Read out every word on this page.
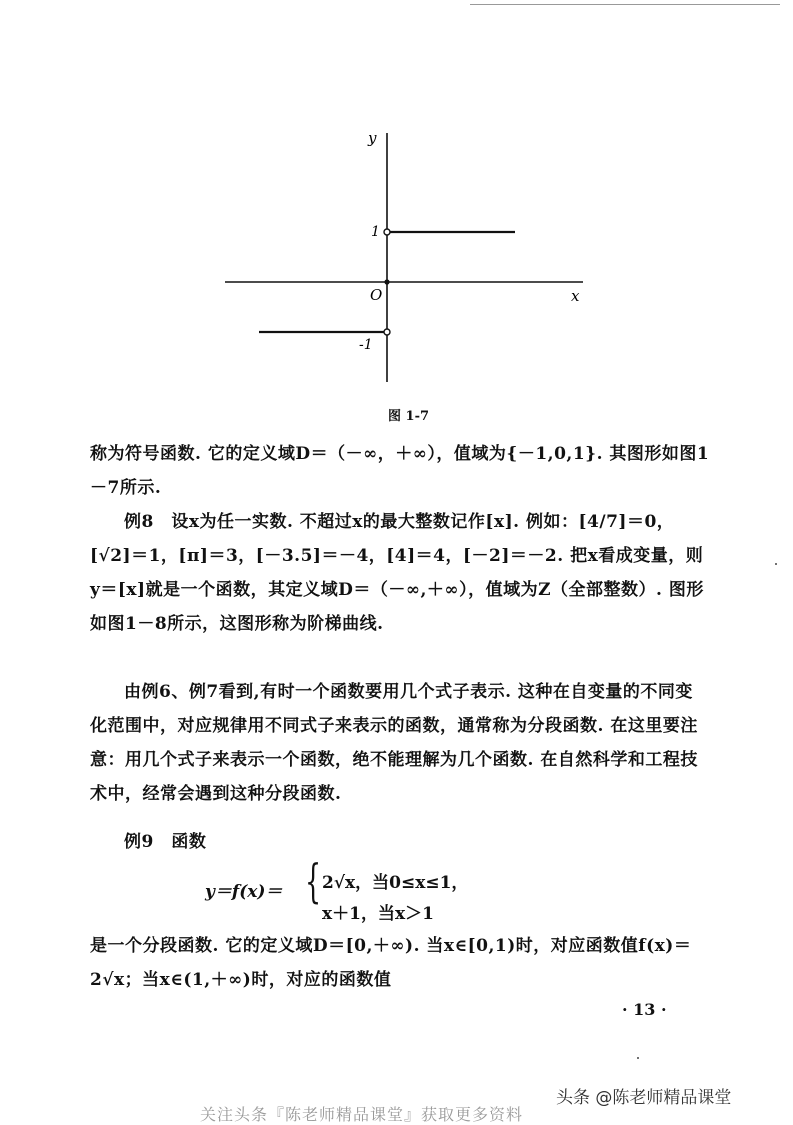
y
x
O
1
-1
图 1-7
称为符号函数. 它的定义域D＝（－∞，＋∞），值域为{－1,0,1}. 其图形如图1－7所示.
例8　设x为任一实数. 不超过x的最大整数记作[x]. 例如：[4/7]＝0，[√2]＝1，[π]＝3，[－3.5]＝－4，[4]＝4，[－2]＝－2. 把x看成变量，则y＝[x]就是一个函数，其定义域D＝（－∞,＋∞），值域为Z（全部整数）. 图形如图1－8所示，这图形称为阶梯曲线.
由例6、例7看到,有时一个函数要用几个式子表示. 这种在自变量的不同变化范围中，对应规律用不同式子来表示的函数，通常称为分段函数. 在这里要注意：用几个式子来表示一个函数，绝不能理解为几个函数. 在自然科学和工程技术中，经常会遇到这种分段函数.
例9　函数
y＝f(x)＝ { 2√x，当0≤x≤1，
x＋1，当x＞1
是一个分段函数. 它的定义域D＝[0,＋∞). 当x∈[0,1)时，对应函数值f(x)＝2√x；当x∈(1,＋∞)时，对应的函数值
· 13 ·
头条 @陈老师精品课堂
关注头条『陈老师精品课堂』获取更多资料
